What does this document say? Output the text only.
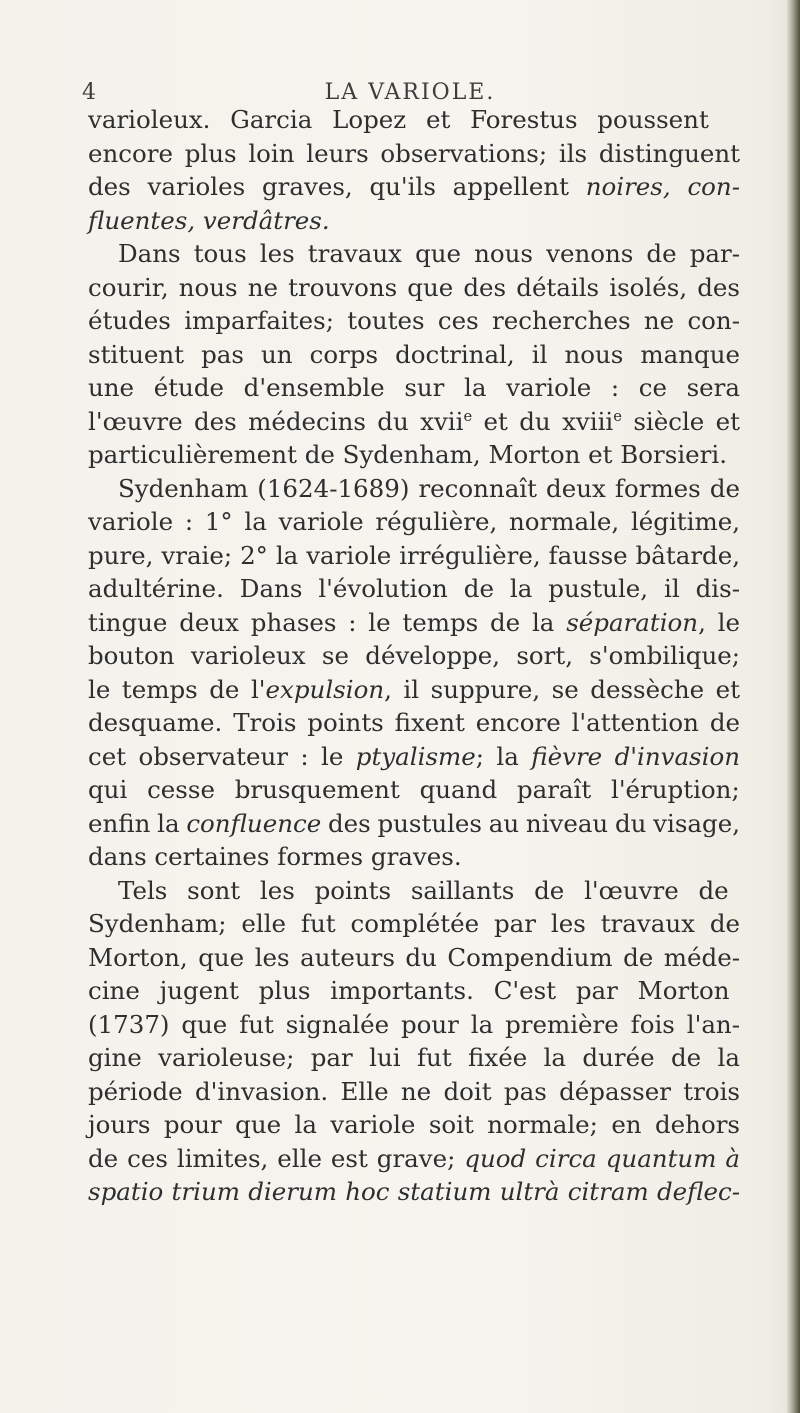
4	LA VARIOLE.
varioleux. Garcia Lopez et Forestus poussent
encore plus loin leurs observations; ils distinguent
des varioles graves, qu'ils appellent noires, con-
fluentes, verdâtres.
Dans tous les travaux que nous venons de par-
courir, nous ne trouvons que des détails isolés, des
études imparfaites; toutes ces recherches ne con-
stituent pas un corps doctrinal, il nous manque
une étude d'ensemble sur la variole : ce sera
l'œuvre des médecins du xvii$^e$ et du xviii$^e$ siècle et
particulièrement de Sydenham, Morton et Borsieri.
Sydenham (1624-1689) reconnaît deux formes de
variole : 1° la variole régulière, normale, légitime,
pure, vraie; 2° la variole irrégulière, fausse bâtarde,
adultérine. Dans l'évolution de la pustule, il dis-
tingue deux phases : le temps de la séparation, le
bouton varioleux se développe, sort, s'ombilique;
le temps de l'expulsion, il suppure, se dessèche et
desquame. Trois points fixent encore l'attention de
cet observateur : le ptyalisme; la fièvre d'invasion
qui cesse brusquement quand paraît l'éruption;
enfin la confluence des pustules au niveau du visage,
dans certaines formes graves.
Tels sont les points saillants de l'œuvre de
Sydenham; elle fut complétée par les travaux de
Morton, que les auteurs du Compendium de méde-
cine jugent plus importants. C'est par Morton
(1737) que fut signalée pour la première fois l'an-
gine varioleuse; par lui fut fixée la durée de la
période d'invasion. Elle ne doit pas dépasser trois
jours pour que la variole soit normale; en dehors
de ces limites, elle est grave; quod circa quantum à
spatio trium dierum hoc statium ultrà citram deflec-
